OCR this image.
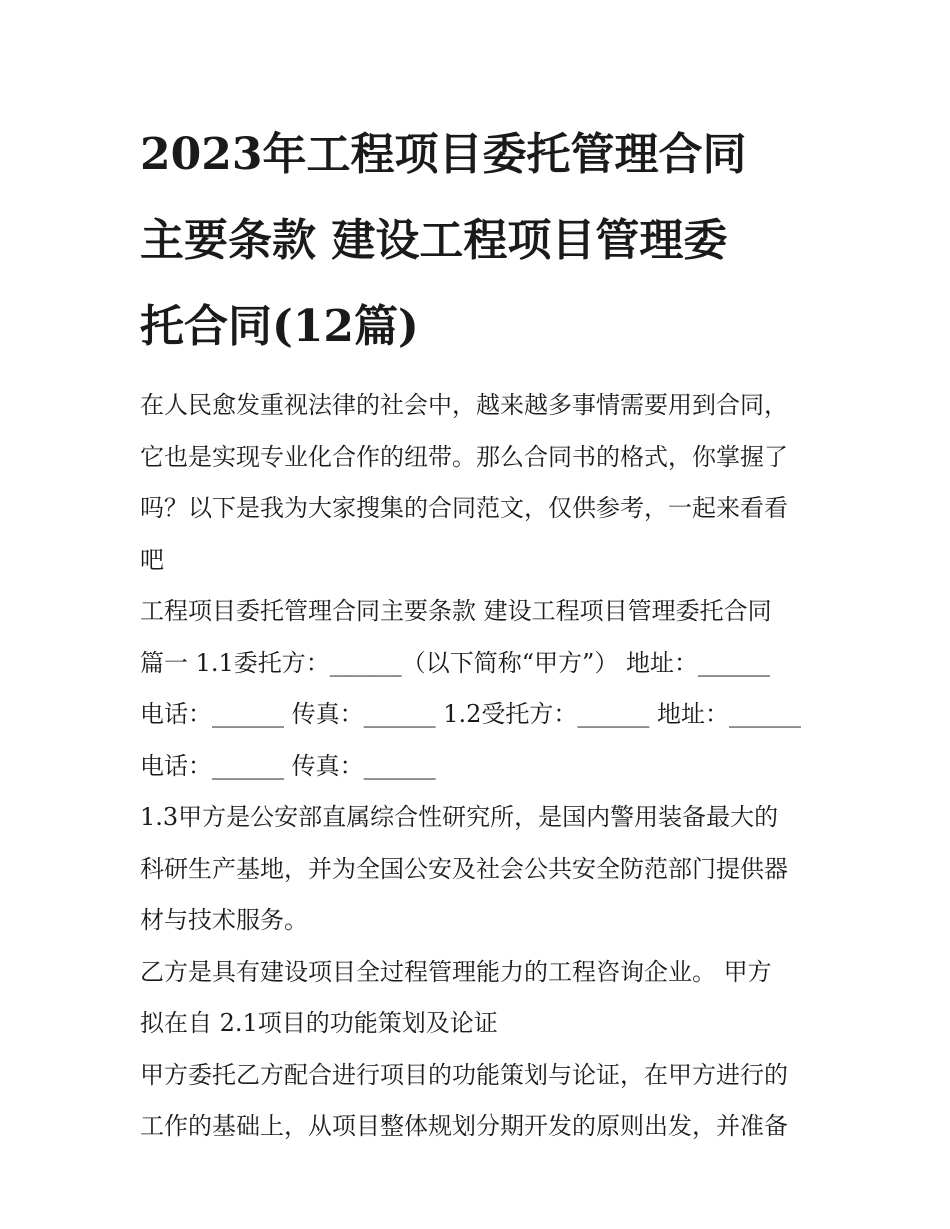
2023年工程项目委托管理合同
主要条款 建设工程项目管理委
托合同(12篇)

在人民愈发重视法律的社会中，越来越多事情需要用到合同，
它也是实现专业化合作的纽带。那么合同书的格式，你掌握了
吗？以下是我为大家搜集的合同范文，仅供参考，一起来看看
吧

工程项目委托管理合同主要条款 建设工程项目管理委托合同
篇一 1.1委托方：______（以下简称“甲方”） 地址：______
电话：______ 传真：______ 1.2受托方：______ 地址：______
电话：______ 传真：______

1.3甲方是公安部直属综合性研究所，是国内警用装备最大的
科研生产基地，并为全国公安及社会公共安全防范部门提供器
材与技术服务。

乙方是具有建设项目全过程管理能力的工程咨询企业。 甲方
拟在自 2.1项目的功能策划及论证

甲方委托乙方配合进行项目的功能策划与论证，在甲方进行的
工作的基础上，从项目整体规划分期开发的原则出发，并准备
